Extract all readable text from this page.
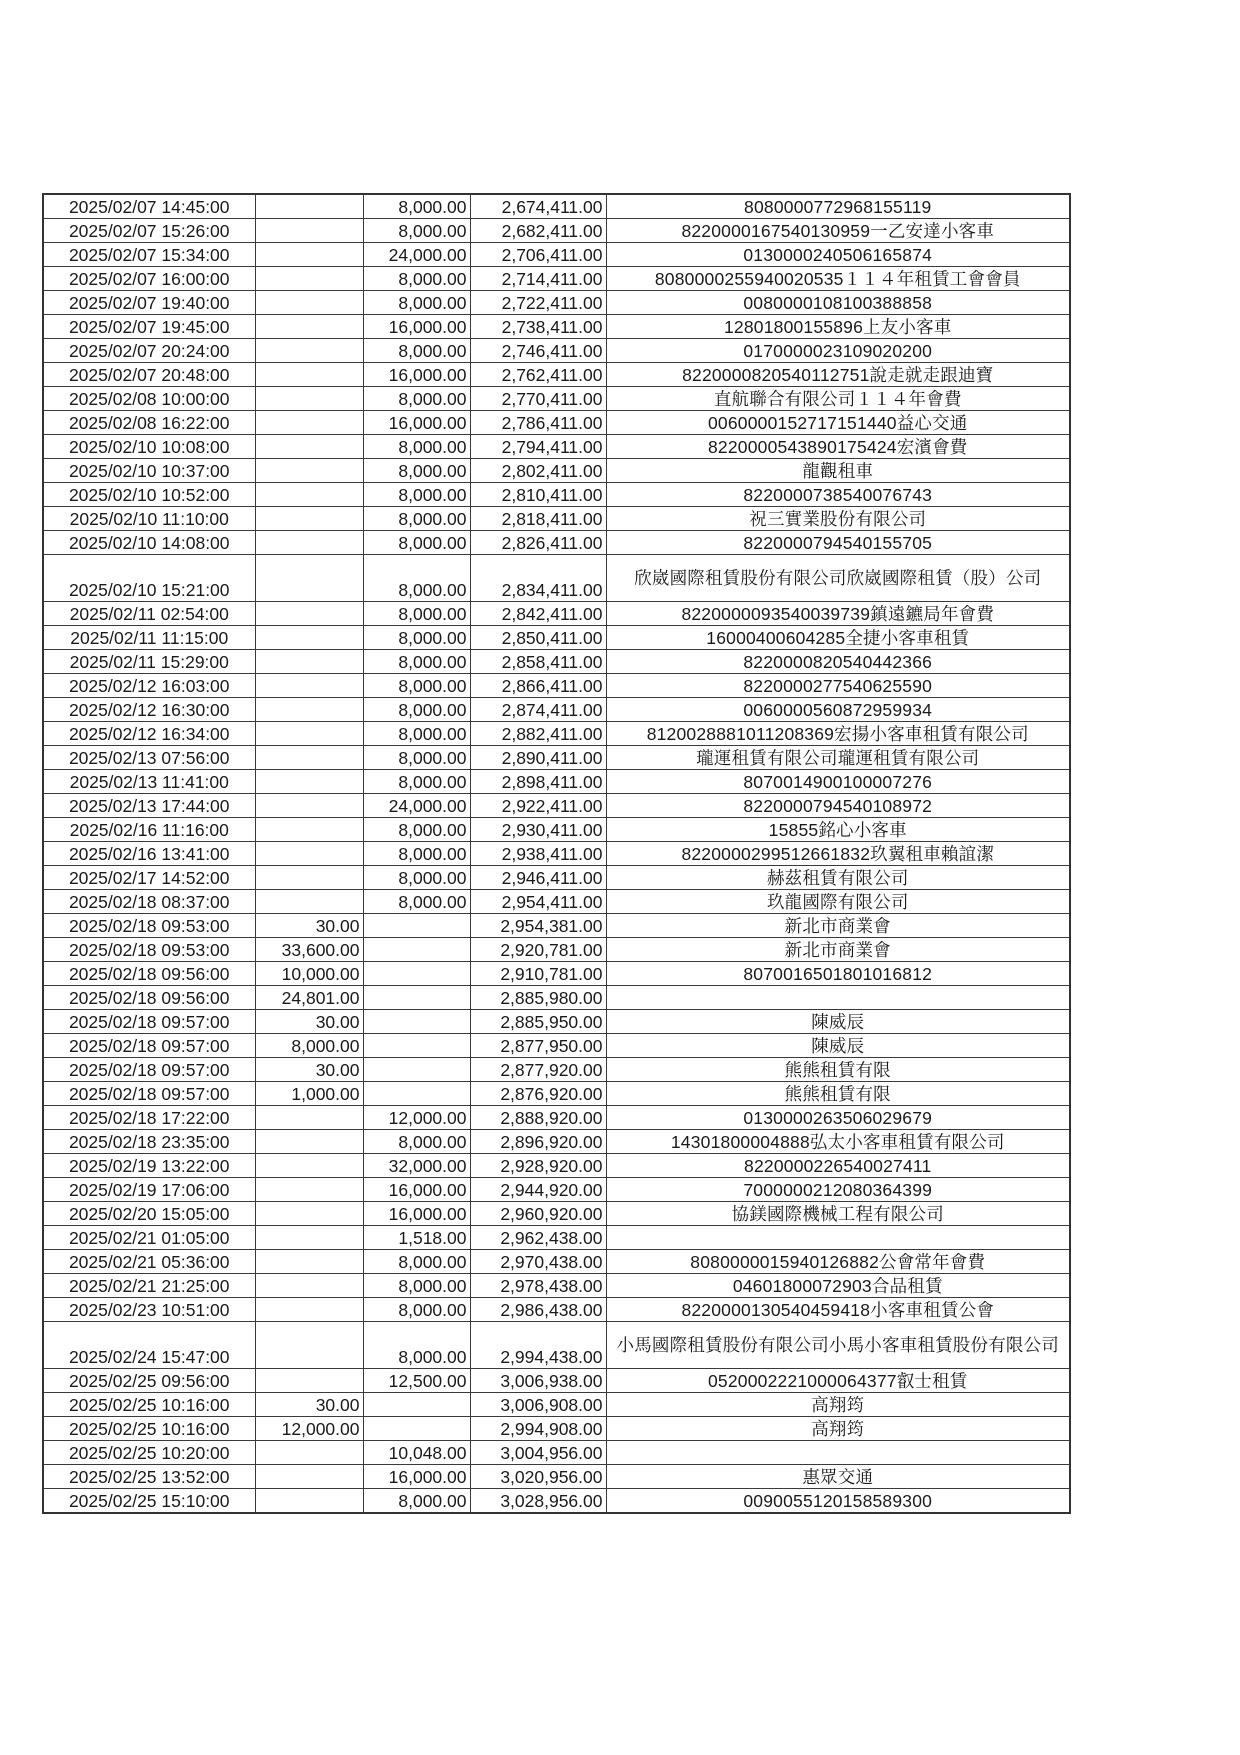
2025/02/07 14:45:00		8,000.00	2,674,411.00	8080000772968155119
2025/02/07 15:26:00		8,000.00	2,682,411.00	8220000167540130959一乙安達小客車
2025/02/07 15:34:00		24,000.00	2,706,411.00	0130000240506165874
2025/02/07 16:00:00		8,000.00	2,714,411.00	8080000255940020535１１４年租賃工會會員
2025/02/07 19:40:00		8,000.00	2,722,411.00	0080000108100388858
2025/02/07 19:45:00		16,000.00	2,738,411.00	12801800155896上友小客車
2025/02/07 20:24:00		8,000.00	2,746,411.00	0170000023109020200
2025/02/07 20:48:00		16,000.00	2,762,411.00	8220000820540112751說走就走跟迪寶
2025/02/08 10:00:00		8,000.00	2,770,411.00	直航聯合有限公司１１４年會費
2025/02/08 16:22:00		16,000.00	2,786,411.00	0060000152717151440益心交通
2025/02/10 10:08:00		8,000.00	2,794,411.00	8220000543890175424宏濱會費
2025/02/10 10:37:00		8,000.00	2,802,411.00	龍觀租車
2025/02/10 10:52:00		8,000.00	2,810,411.00	8220000738540076743
2025/02/10 11:10:00		8,000.00	2,818,411.00	祝三實業股份有限公司
2025/02/10 14:08:00		8,000.00	2,826,411.00	8220000794540155705
2025/02/10 15:21:00		8,000.00	2,834,411.00	欣崴國際租賃股份有限公司欣崴國際租賃（股）公司
2025/02/11 02:54:00		8,000.00	2,842,411.00	8220000093540039739鎮遠鑣局年會費
2025/02/11 11:15:00		8,000.00	2,850,411.00	16000400604285全捷小客車租賃
2025/02/11 15:29:00		8,000.00	2,858,411.00	8220000820540442366
2025/02/12 16:03:00		8,000.00	2,866,411.00	8220000277540625590
2025/02/12 16:30:00		8,000.00	2,874,411.00	0060000560872959934
2025/02/12 16:34:00		8,000.00	2,882,411.00	8120028881011208369宏揚小客車租賃有限公司
2025/02/13 07:56:00		8,000.00	2,890,411.00	瓏運租賃有限公司瓏運租賃有限公司
2025/02/13 11:41:00		8,000.00	2,898,411.00	8070014900100007276
2025/02/13 17:44:00		24,000.00	2,922,411.00	8220000794540108972
2025/02/16 11:16:00		8,000.00	2,930,411.00	15855銘心小客車
2025/02/16 13:41:00		8,000.00	2,938,411.00	8220000299512661832玖翼租車賴誼潔
2025/02/17 14:52:00		8,000.00	2,946,411.00	赫茲租賃有限公司
2025/02/18 08:37:00		8,000.00	2,954,411.00	玖龍國際有限公司
2025/02/18 09:53:00	30.00		2,954,381.00	新北市商業會
2025/02/18 09:53:00	33,600.00		2,920,781.00	新北市商業會
2025/02/18 09:56:00	10,000.00		2,910,781.00	8070016501801016812
2025/02/18 09:56:00	24,801.00		2,885,980.00	
2025/02/18 09:57:00	30.00		2,885,950.00	陳威辰
2025/02/18 09:57:00	8,000.00		2,877,950.00	陳威辰
2025/02/18 09:57:00	30.00		2,877,920.00	熊熊租賃有限
2025/02/18 09:57:00	1,000.00		2,876,920.00	熊熊租賃有限
2025/02/18 17:22:00		12,000.00	2,888,920.00	0130000263506029679
2025/02/18 23:35:00		8,000.00	2,896,920.00	14301800004888弘太小客車租賃有限公司
2025/02/19 13:22:00		32,000.00	2,928,920.00	8220000226540027411
2025/02/19 17:06:00		16,000.00	2,944,920.00	7000000212080364399
2025/02/20 15:05:00		16,000.00	2,960,920.00	協鎂國際機械工程有限公司
2025/02/21 01:05:00		1,518.00	2,962,438.00	
2025/02/21 05:36:00		8,000.00	2,970,438.00	8080000015940126882公會常年會費
2025/02/21 21:25:00		8,000.00	2,978,438.00	04601800072903合品租賃
2025/02/23 10:51:00		8,000.00	2,986,438.00	8220000130540459418小客車租賃公會
2025/02/24 15:47:00		8,000.00	2,994,438.00	小馬國際租賃股份有限公司小馬小客車租賃股份有限公司
2025/02/25 09:56:00		12,500.00	3,006,938.00	0520002221000064377叡士租賃
2025/02/25 10:16:00	30.00		3,006,908.00	高翔筠
2025/02/25 10:16:00	12,000.00		2,994,908.00	高翔筠
2025/02/25 10:20:00		10,048.00	3,004,956.00	
2025/02/25 13:52:00		16,000.00	3,020,956.00	惠眾交通
2025/02/25 15:10:00		8,000.00	3,028,956.00	0090055120158589300
